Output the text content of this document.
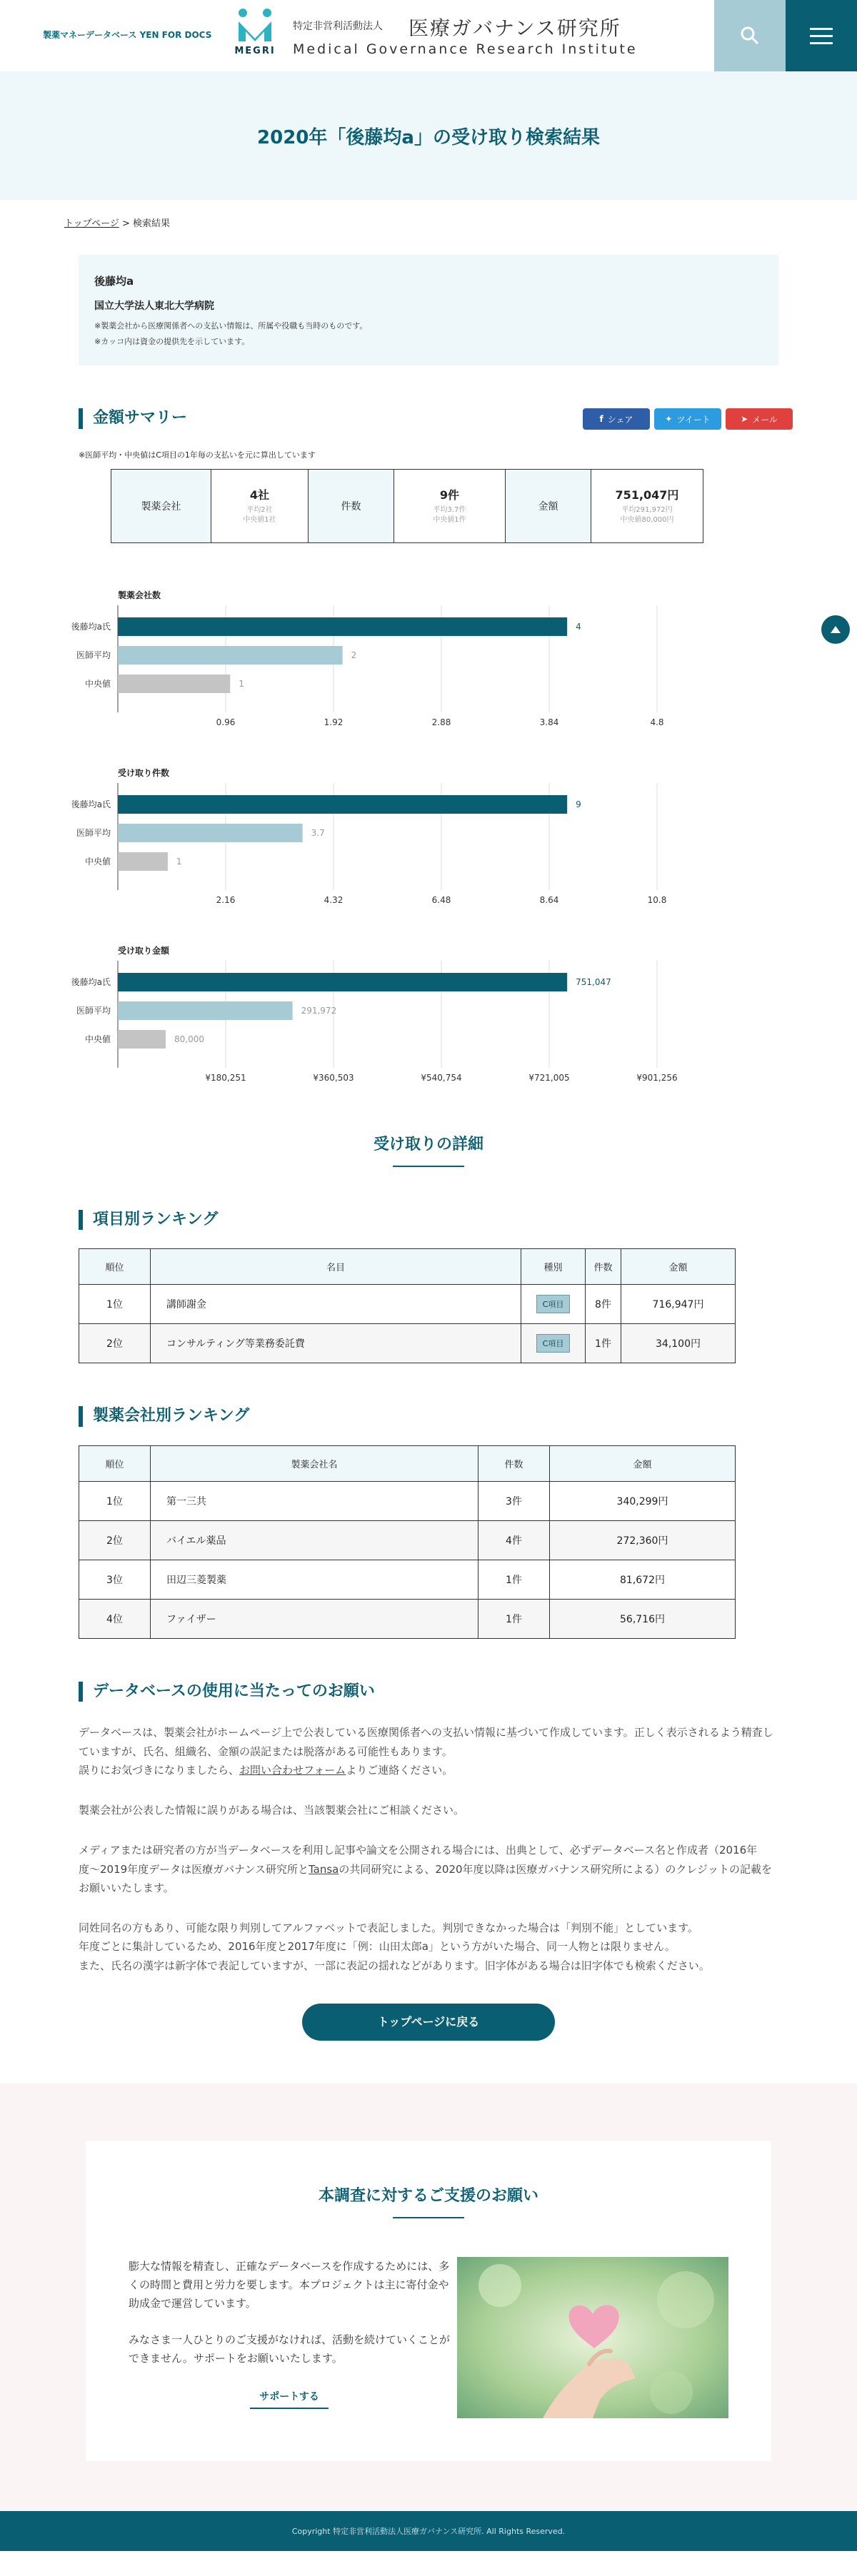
製薬マネーデータベース YEN FOR DOCS
MEGRI
特定非営利活動法人 医療ガバナンス研究所
Medical Governance Research Institute
2020年「後藤均a」の受け取り検索結果
トップページ > 検索結果
後藤均a
国立大学法人東北大学病院
※製薬会社から医療関係者への支払い情報は、所属や役職も当時のものです。
※カッコ内は資金の提供先を示しています。
f シェア	✦ ツイート	➤ メール
金額サマリー
※医師平均・中央値はC項目の1年毎の支払いを元に算出しています
製薬会社
4社
平均2社
中央値1社
件数
9件
平均3.7件
中央値1件
金額
751,047円
平均291,972円
中央値80,000円
製薬会社数
0.96	1.92	2.88	3.84	4.8
後藤均a氏	4
医師平均	2
中央値	1
受け取り件数
2.16	4.32	6.48	8.64	10.8
後藤均a氏	9
医師平均	3.7
中央値	1
受け取り金額
¥180,251	¥360,503	¥540,754	¥721,005	¥901,256
後藤均a氏	751,047
医師平均	291,972
中央値	80,000
受け取りの詳細
項目別ランキング
順位	名目	種別	件数	金額
1位	講師謝金	C項目	8件	716,947円
2位	コンサルティング等業務委託費	C項目	1件	34,100円
製薬会社別ランキング
順位	製薬会社名	件数	金額
1位	第一三共	3件	340,299円
2位	バイエル薬品	4件	272,360円
3位	田辺三菱製薬	1件	81,672円
4位	ファイザー	1件	56,716円
データベースの使用に当たってのお願い

データベースは、製薬会社がホームページ上で公表している医療関係者への支払い情報に基づいて作成しています。正しく表示されるよう精査していますが、氏名、組織名、金額の誤記または脱落がある可能性もあります。
誤りにお気づきになりましたら、お問い合わせフォームよりご連絡ください。

製薬会社が公表した情報に誤りがある場合は、当該製薬会社にご相談ください。

メディアまたは研究者の方が当データベースを利用し記事や論文を公開される場合には、出典として、必ずデータベース名と作成者（2016年度〜2019年度データは医療ガバナンス研究所とTansaの共同研究による、2020年度以降は医療ガバナンス研究所による）のクレジットの記載をお願いいたします。

同姓同名の方もあり、可能な限り判別してアルファベットで表記しました。判別できなかった場合は「判別不能」としています。
年度ごとに集計しているため、2016年度と2017年度に「例：山田太郎a」という方がいた場合、同一人物とは限りません。
また、氏名の漢字は新字体で表記していますが、一部に表記の揺れなどがあります。旧字体がある場合は旧字体でも検索ください。

トップページに戻る
本調査に対するご支援のお願い

膨大な情報を精査し、正確なデータベースを作成するためには、多くの時間と費用と労力を要します。本プロジェクトは主に寄付金や助成金で運営しています。

みなさま一人ひとりのご支援がなければ、活動を続けていくことができません。サポートをお願いいたします。

サポートする
Copyright 特定非営利活動法人医療ガバナンス研究所. All Rights Reserved.
